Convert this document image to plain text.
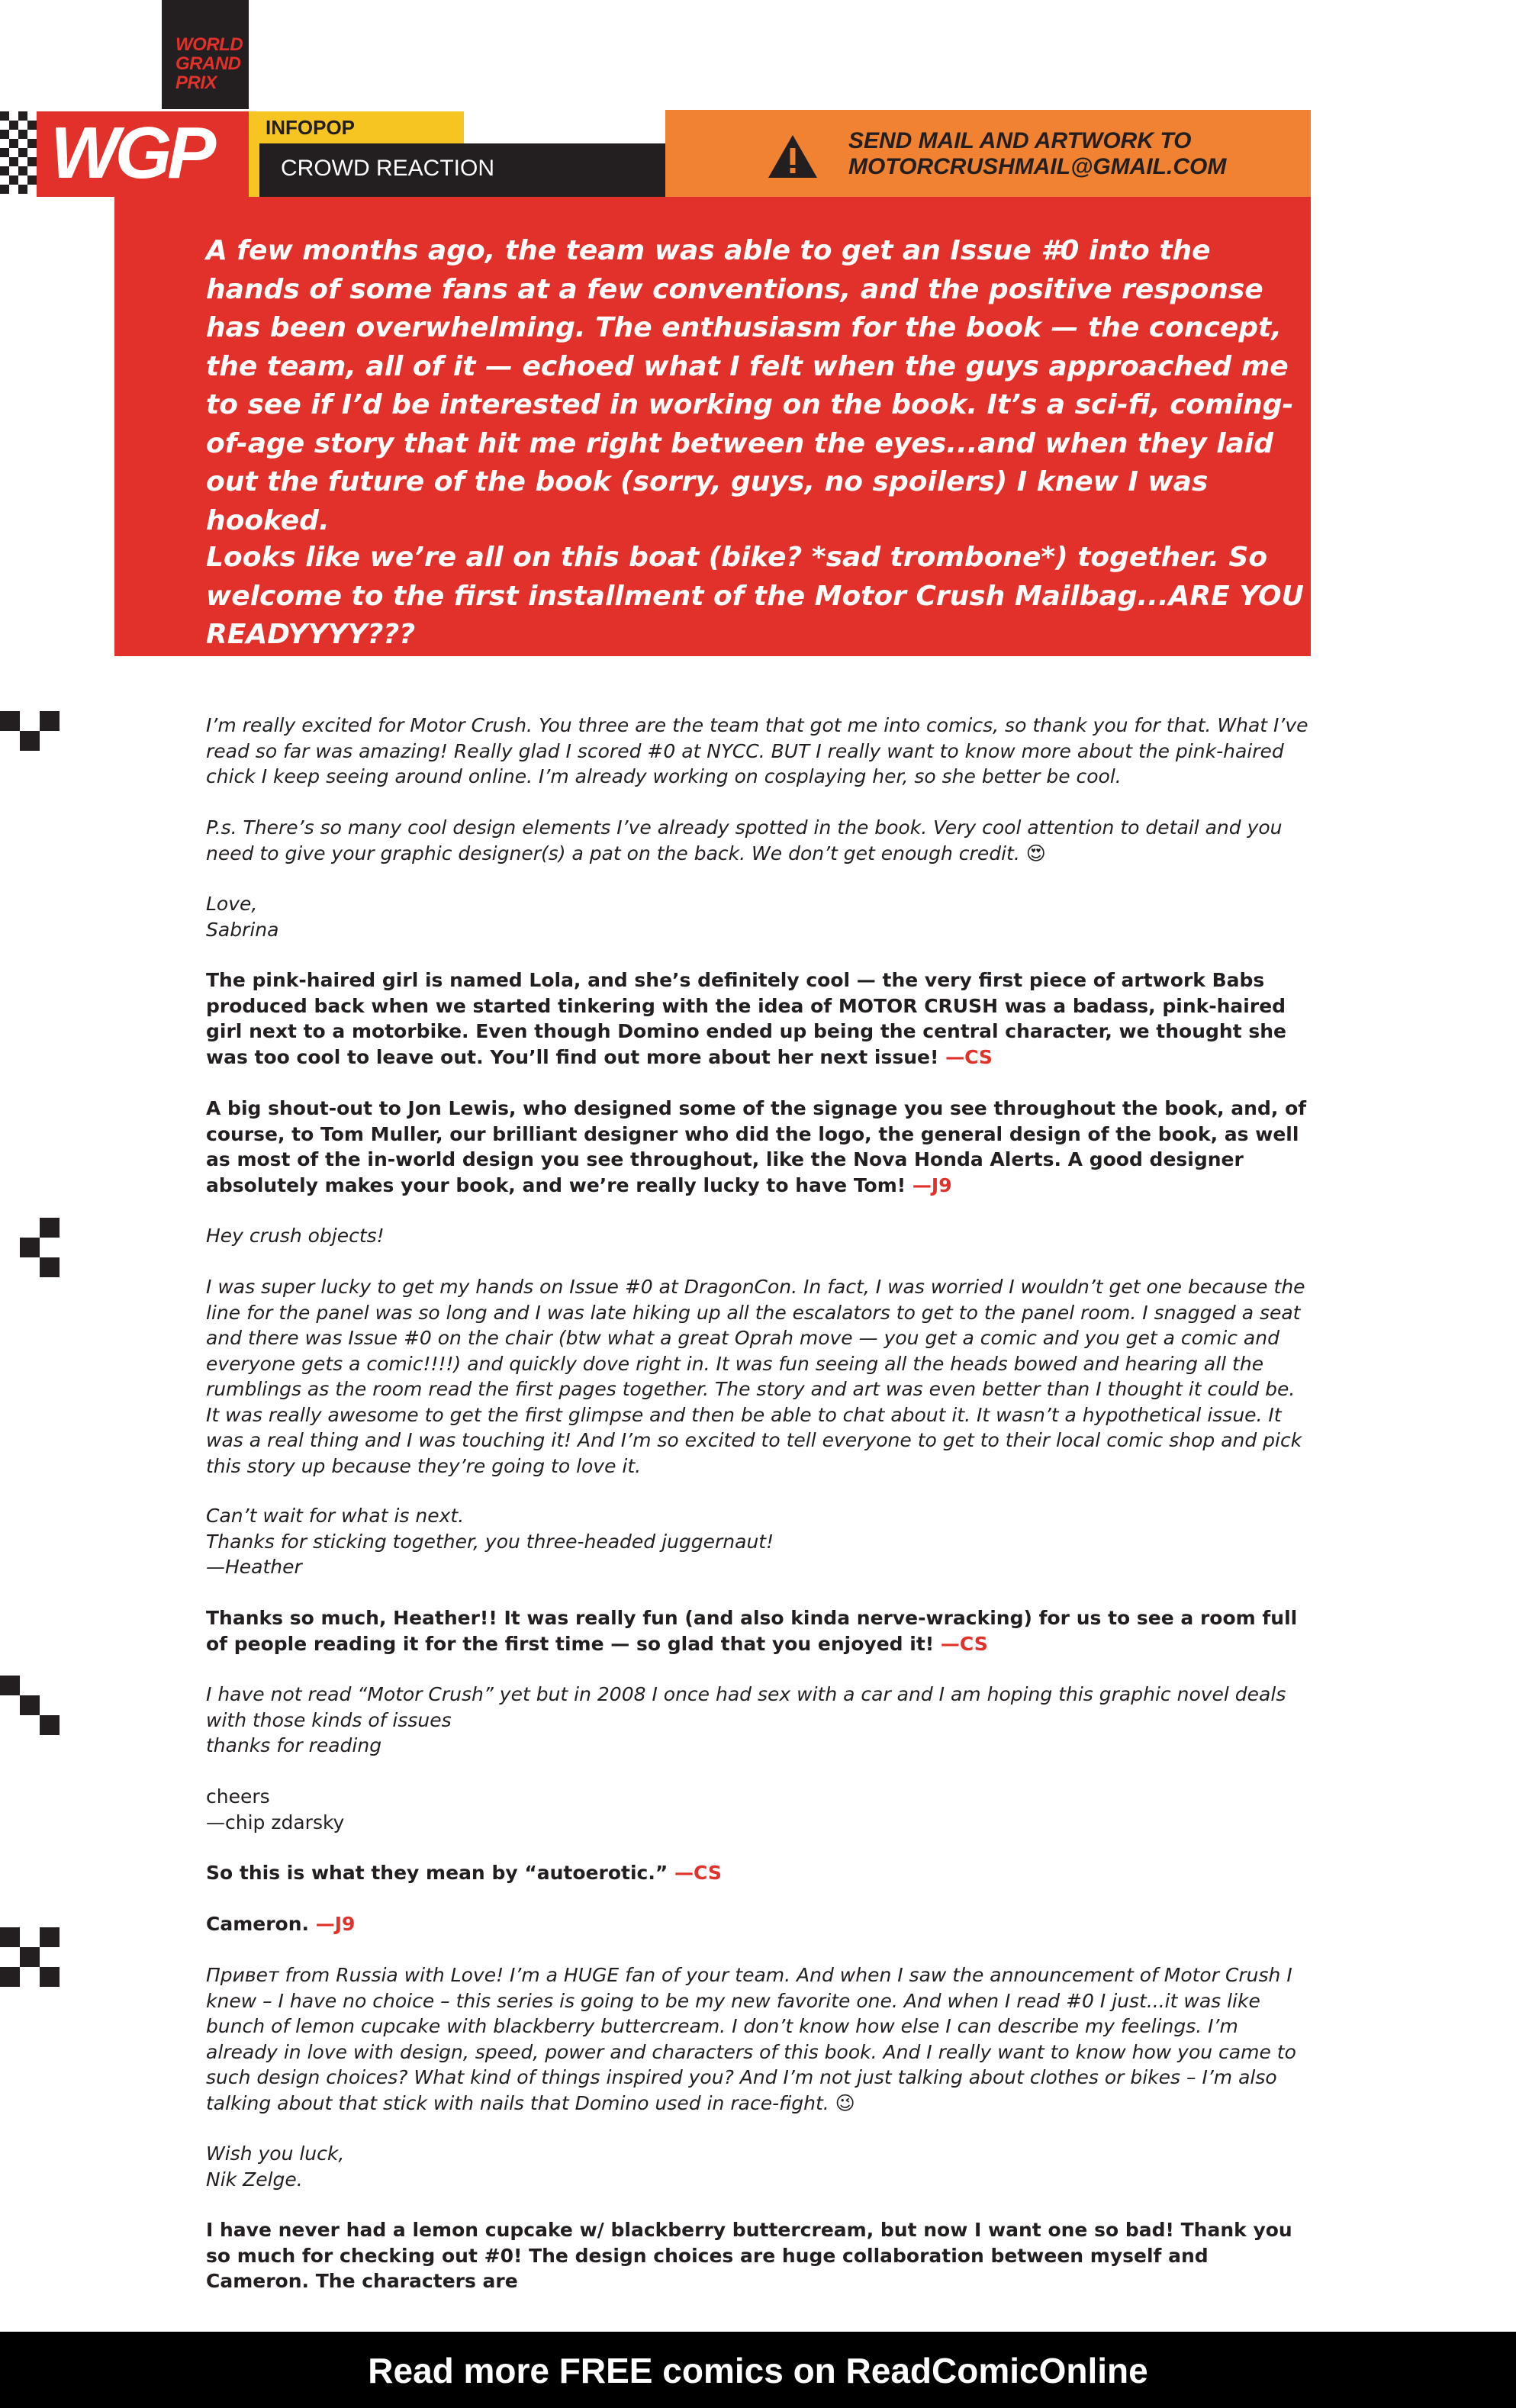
WORLD
GRAND
PRIX
WGP	INFOPOP
CROWD REACTION
SEND MAIL AND ARTWORK TO
MOTORCRUSHMAIL@GMAIL.COM
A few months ago, the team was able to get an Issue #0 into the hands of some fans at a few conventions, and the positive response has been overwhelming. The enthusiasm for the book — the concept, the team, all of it — echoed what I felt when the guys approached me to see if I’d be interested in working on the book. It’s a sci-fi, coming-of-age story that hit me right between the eyes...and when they laid out the future of the book (sorry, guys, no spoilers) I knew I was hooked.
Looks like we’re all on this boat (bike? *sad trombone*) together. So welcome to the first installment of the Motor Crush Mailbag...ARE YOU READYYYY???
I’m really excited for Motor Crush. You three are the team that got me into comics, so thank you for that. What I’ve read so far was amazing! Really glad I scored #0 at NYCC. BUT I really want to know more about the pink-haired chick I keep seeing around online. I’m already working on cosplaying her, so she better be cool.
P.s. There’s so many cool design elements I’ve already spotted in the book. Very cool attention to detail and you need to give your graphic designer(s) a pat on the back. We don’t get enough credit. 😍
Love,
Sabrina
The pink-haired girl is named Lola, and she’s definitely cool — the very first piece of artwork Babs produced back when we started tinkering with the idea of MOTOR CRUSH was a badass, pink-haired girl next to a motorbike. Even though Domino ended up being the central character, we thought she was too cool to leave out. You’ll find out more about her next issue! —CS
A big shout-out to Jon Lewis, who designed some of the signage you see throughout the book, and, of course, to Tom Muller, our brilliant designer who did the logo, the general design of the book, as well as most of the in-world design you see throughout, like the Nova Honda Alerts. A good designer absolutely makes your book, and we’re really lucky to have Tom! —J9
Hey crush objects!
I was super lucky to get my hands on Issue #0 at DragonCon. In fact, I was worried I wouldn’t get one because the line for the panel was so long and I was late hiking up all the escalators to get to the panel room. I snagged a seat and there was Issue #0 on the chair (btw what a great Oprah move — you get a comic and you get a comic and everyone gets a comic!!!!) and quickly dove right in. It was fun seeing all the heads bowed and hearing all the rumblings as the room read the first pages together. The story and art was even better than I thought it could be. It was really awesome to get the first glimpse and then be able to chat about it. It wasn’t a hypothetical issue. It was a real thing and I was touching it! And I’m so excited to tell everyone to get to their local comic shop and pick this story up because they’re going to love it.
Can’t wait for what is next.
Thanks for sticking together, you three-headed juggernaut!
—Heather
Thanks so much, Heather!! It was really fun (and also kinda nerve-wracking) for us to see a room full of people reading it for the first time — so glad that you enjoyed it! —CS
I have not read “Motor Crush” yet but in 2008 I once had sex with a car and I am hoping this graphic novel deals with those kinds of issues
thanks for reading
cheers
—chip zdarsky
So this is what they mean by “autoerotic.” —CS
Cameron. —J9
Привет from Russia with Love! I’m a HUGE fan of your team. And when I saw the announcement of Motor Crush I knew – I have no choice – this series is going to be my new favorite one. And when I read #0 I just...it was like bunch of lemon cupcake with blackberry buttercream. I don’t know how else I can describe my feelings. I’m already in love with design, speed, power and characters of this book. And I really want to know how you came to such design choices? What kind of things inspired you? And I’m not just talking about clothes or bikes – I’m also talking about that stick with nails that Domino used in race-fight. 😉
Wish you luck,
Nik Zelge.
I have never had a lemon cupcake w/ blackberry buttercream, but now I want one so bad! Thank you so much for checking out #0! The design choices are huge collaboration between myself and Cameron. The characters are
Read more FREE comics on ReadComicOnline
